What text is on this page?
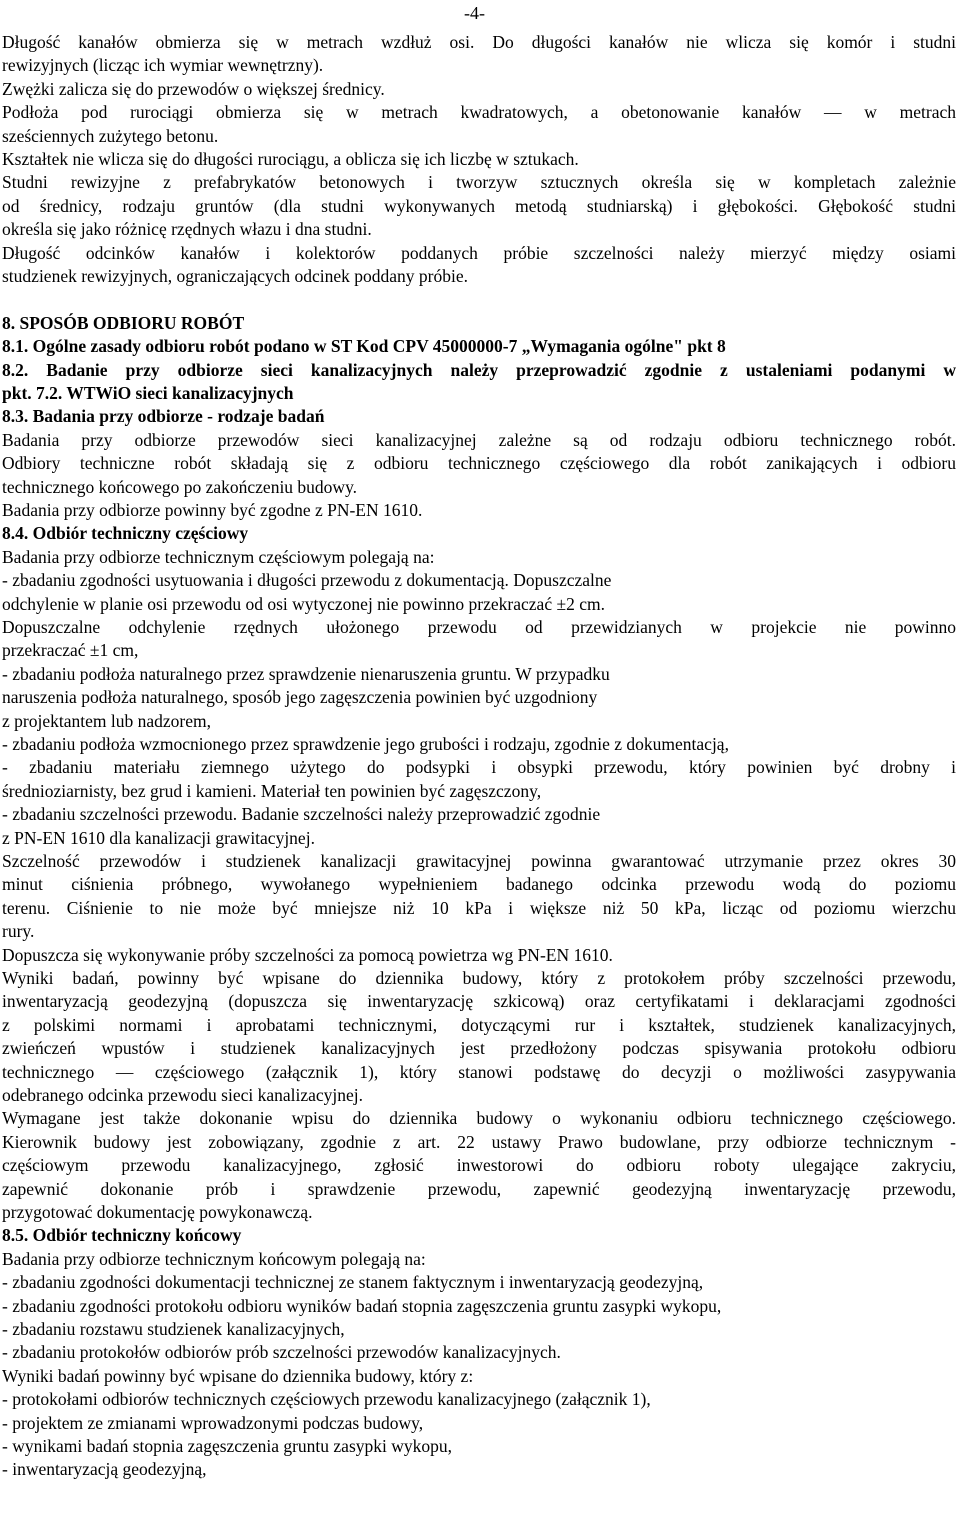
-4-
Długość kanałów obmierza się w metrach wzdłuż osi. Do długości kanałów nie wlicza się komór i studni
rewizyjnych (licząc ich wymiar wewnętrzny).
Zwężki zalicza się do przewodów o większej średnicy.
Podłoża pod rurociągi obmierza się w metrach kwadratowych, a obetonowanie kanałów — w metrach
sześciennych zużytego betonu.
Kształtek nie wlicza się do długości rurociągu, a oblicza się ich liczbę w sztukach.
Studni rewizyjne z prefabrykatów betonowych i tworzyw sztucznych określa się w kompletach zależnie
od średnicy, rodzaju gruntów (dla studni wykonywanych metodą studniarską) i głębokości. Głębokość studni
określa się jako różnicę rzędnych włazu i dna studni.
Długość odcinków kanałów i kolektorów poddanych próbie szczelności należy mierzyć między osiami
studzienek rewizyjnych, ograniczających odcinek poddany próbie.
8. SPOSÓB ODBIORU ROBÓT
8.1. Ogólne zasady odbioru robót podano w ST Kod CPV 45000000-7 „Wymagania ogólne" pkt 8
8.2. Badanie przy odbiorze sieci kanalizacyjnych należy przeprowadzić zgodnie z ustaleniami podanymi w
pkt. 7.2. WTWiO sieci kanalizacyjnych
8.3. Badania przy odbiorze - rodzaje badań
Badania przy odbiorze przewodów sieci kanalizacyjnej zależne są od rodzaju odbioru technicznego robót.
Odbiory techniczne robót składają się z odbioru technicznego częściowego dla robót zanikających i odbioru
technicznego końcowego po zakończeniu budowy.
Badania przy odbiorze powinny być zgodne z PN-EN 1610.
8.4. Odbiór techniczny częściowy
Badania przy odbiorze technicznym częściowym polegają na:
- zbadaniu zgodności usytuowania i długości przewodu z dokumentacją. Dopuszczalne
odchylenie w planie osi przewodu od osi wytyczonej nie powinno przekraczać ±2 cm.
Dopuszczalne odchylenie rzędnych ułożonego przewodu od przewidzianych w projekcie nie powinno
przekraczać ±1 cm,
- zbadaniu podłoża naturalnego przez sprawdzenie nienaruszenia gruntu. W przypadku
naruszenia podłoża naturalnego, sposób jego zagęszczenia powinien być uzgodniony
z projektantem lub nadzorem,
- zbadaniu podłoża wzmocnionego przez sprawdzenie jego grubości i rodzaju, zgodnie z dokumentacją,
- zbadaniu materiału ziemnego użytego do podsypki i obsypki przewodu, który powinien być drobny i
średnioziarnisty, bez grud i kamieni. Materiał ten powinien być zagęszczony,
- zbadaniu szczelności przewodu. Badanie szczelności należy przeprowadzić zgodnie
z PN-EN 1610 dla kanalizacji grawitacyjnej.
Szczelność przewodów i studzienek kanalizacji grawitacyjnej powinna gwarantować utrzymanie przez okres 30
minut ciśnienia próbnego, wywołanego wypełnieniem badanego odcinka przewodu wodą do poziomu
terenu. Ciśnienie to nie może być mniejsze niż 10 kPa i większe niż 50 kPa, licząc od poziomu wierzchu
rury.
Dopuszcza się wykonywanie próby szczelności za pomocą powietrza wg PN-EN 1610.
Wyniki badań, powinny być wpisane do dziennika budowy, który z protokołem próby szczelności przewodu,
inwentaryzacją geodezyjną (dopuszcza się inwentaryzację szkicową) oraz certyfikatami i deklaracjami zgodności
z polskimi normami i aprobatami technicznymi, dotyczącymi rur i kształtek, studzienek kanalizacyjnych,
zwieńczeń wpustów i studzienek kanalizacyjnych jest przedłożony podczas spisywania protokołu odbioru
technicznego — częściowego (załącznik 1), który stanowi podstawę do decyzji o możliwości zasypywania
odebranego odcinka przewodu sieci kanalizacyjnej.
Wymagane jest także dokonanie wpisu do dziennika budowy o wykonaniu odbioru technicznego częściowego.
Kierownik budowy jest zobowiązany, zgodnie z art. 22 ustawy Prawo budowlane, przy odbiorze technicznym -
częściowym przewodu kanalizacyjnego, zgłosić inwestorowi do odbioru roboty ulegające zakryciu,
zapewnić dokonanie prób i sprawdzenie przewodu, zapewnić geodezyjną inwentaryzację przewodu,
przygotować dokumentację powykonawczą.
8.5. Odbiór techniczny końcowy
Badania przy odbiorze technicznym końcowym polegają na:
- zbadaniu zgodności dokumentacji technicznej ze stanem faktycznym i inwentaryzacją geodezyjną,
- zbadaniu zgodności protokołu odbioru wyników badań stopnia zagęszczenia gruntu zasypki wykopu,
- zbadaniu rozstawu studzienek kanalizacyjnych,
- zbadaniu protokołów odbiorów prób szczelności przewodów kanalizacyjnych.
Wyniki badań powinny być wpisane do dziennika budowy, który z:
- protokołami odbiorów technicznych częściowych przewodu kanalizacyjnego (załącznik 1),
- projektem ze zmianami wprowadzonymi podczas budowy,
- wynikami badań stopnia zagęszczenia gruntu zasypki wykopu,
- inwentaryzacją geodezyjną,
